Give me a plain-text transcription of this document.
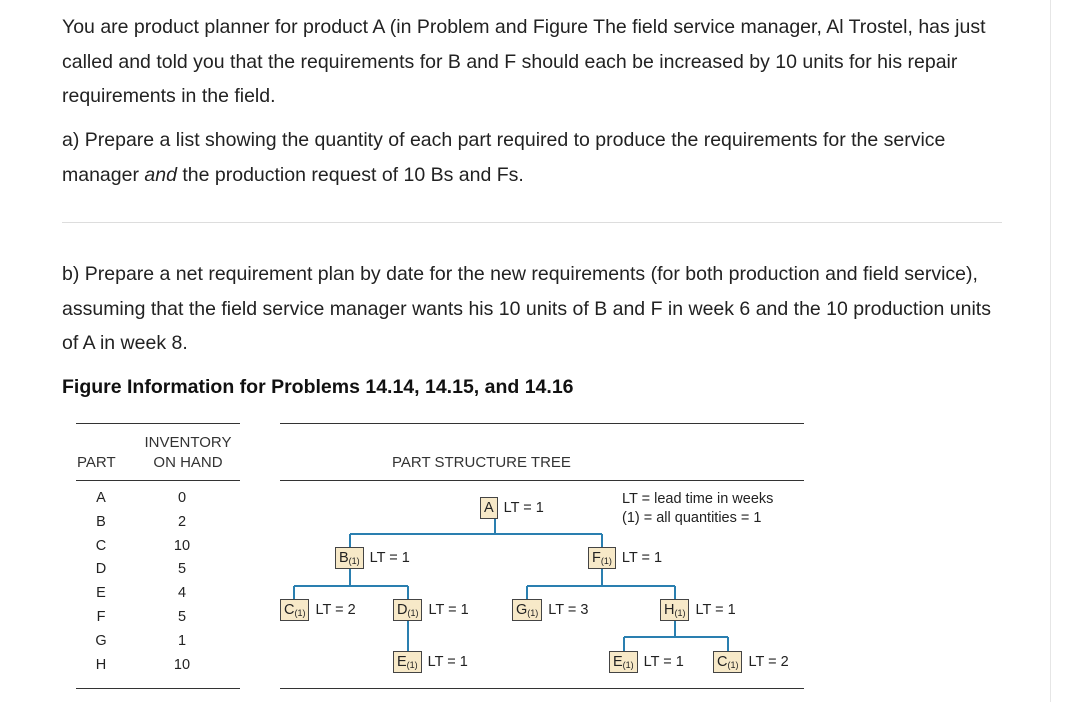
You are product planner for product A (in Problem and Figure The field service manager, Al Trostel, has just called and told you that the requirements for B and F should each be increased by 10 units for his repair requirements in the field.

a) Prepare a list showing the quantity of each part required to produce the requirements for the service manager and the production request of 10 Bs and Fs.

b) Prepare a net requirement plan by date for the new requirements (for both production and field service), assuming that the field service manager wants his 10 units of B and F in week 6 and the 10 production units of A in week 8.

Figure Information for Problems 14.14, 14.15, and 14.16
PART
INVENTORY
ON HAND
A	0
B	2
C	10
D	5
E	4
F	5
G	1
H	10
PART STRUCTURE TREE
LT = lead time in weeks
(1) = all quantities = 1
A LT = 1
$B_{(1)}$ LT = 1	$F_{(1)}$ LT = 1
$C_{(1)}$ LT = 2	$D_{(1)}$ LT = 1	$G_{(1)}$ LT = 3	$H_{(1)}$ LT = 1
$E_{(1)}$ LT = 1	$E_{(1)}$ LT = 1 $C_{(1)}$ LT = 2
